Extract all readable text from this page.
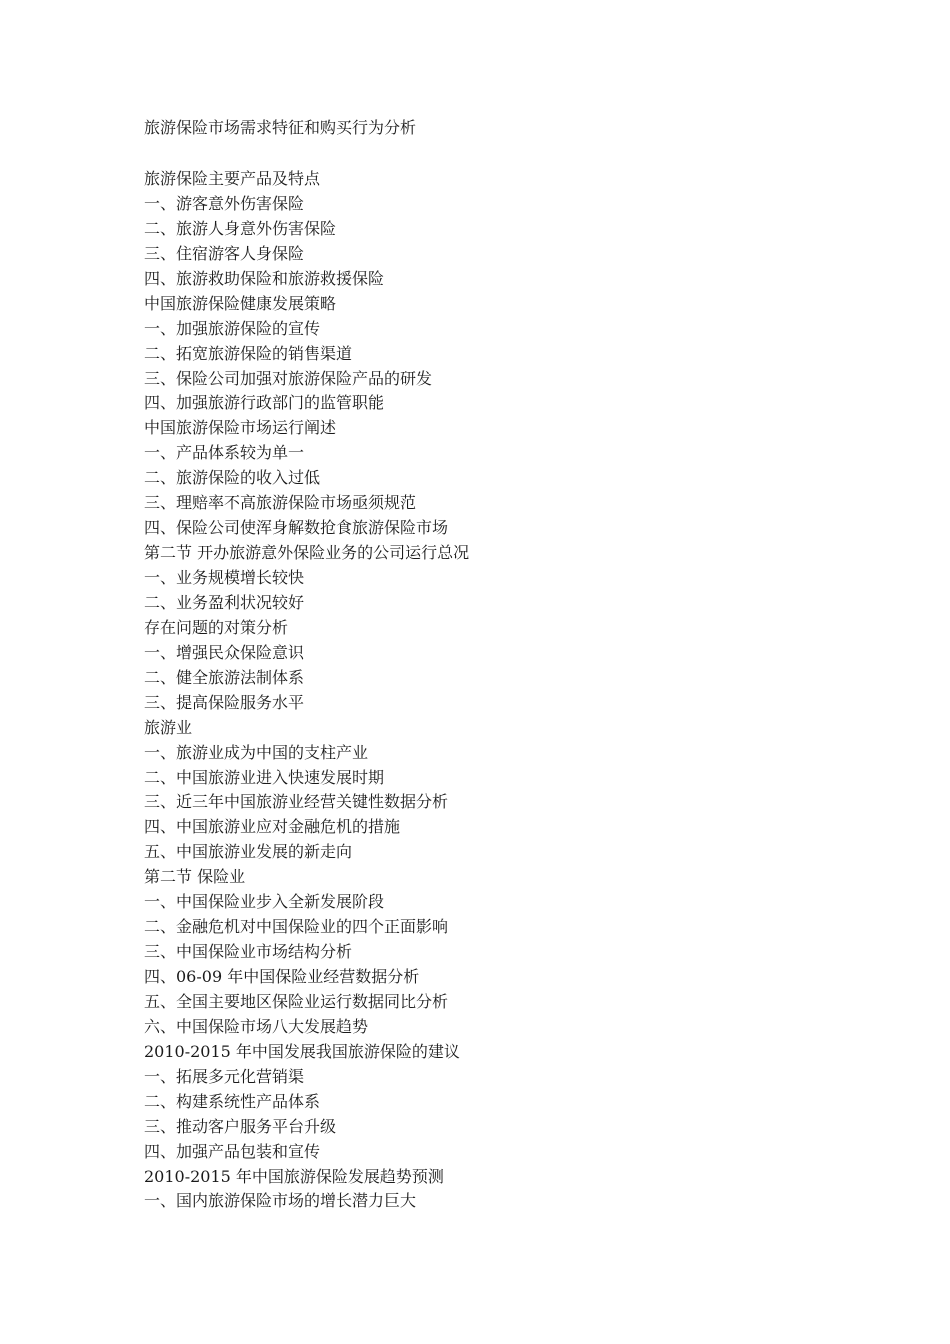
旅游保险市场需求特征和购买行为分析
旅游保险主要产品及特点
一、游客意外伤害保险
二、旅游人身意外伤害保险
三、住宿游客人身保险
四、旅游救助保险和旅游救援保险
中国旅游保险健康发展策略
一、加强旅游保险的宣传
二、拓宽旅游保险的销售渠道
三、保险公司加强对旅游保险产品的研发
四、加强旅游行政部门的监管职能
中国旅游保险市场运行阐述
一、产品体系较为单一
二、旅游保险的收入过低
三、理赔率不高旅游保险市场亟须规范
四、保险公司使浑身解数抢食旅游保险市场
第二节 开办旅游意外保险业务的公司运行总况
一、业务规模增长较快
二、业务盈利状况较好
存在问题的对策分析
一、增强民众保险意识
二、健全旅游法制体系
三、提高保险服务水平
旅游业
一、旅游业成为中国的支柱产业
二、中国旅游业进入快速发展时期
三、近三年中国旅游业经营关键性数据分析
四、中国旅游业应对金融危机的措施
五、中国旅游业发展的新走向
第二节 保险业
一、中国保险业步入全新发展阶段
二、金融危机对中国保险业的四个正面影响
三、中国保险业市场结构分析
四、06-09 年中国保险业经营数据分析
五、全国主要地区保险业运行数据同比分析
六、中国保险市场八大发展趋势
2010-2015 年中国发展我国旅游保险的建议
一、拓展多元化营销渠
二、构建系统性产品体系
三、推动客户服务平台升级
四、加强产品包装和宣传
2010-2015 年中国旅游保险发展趋势预测
一、国内旅游保险市场的增长潜力巨大
